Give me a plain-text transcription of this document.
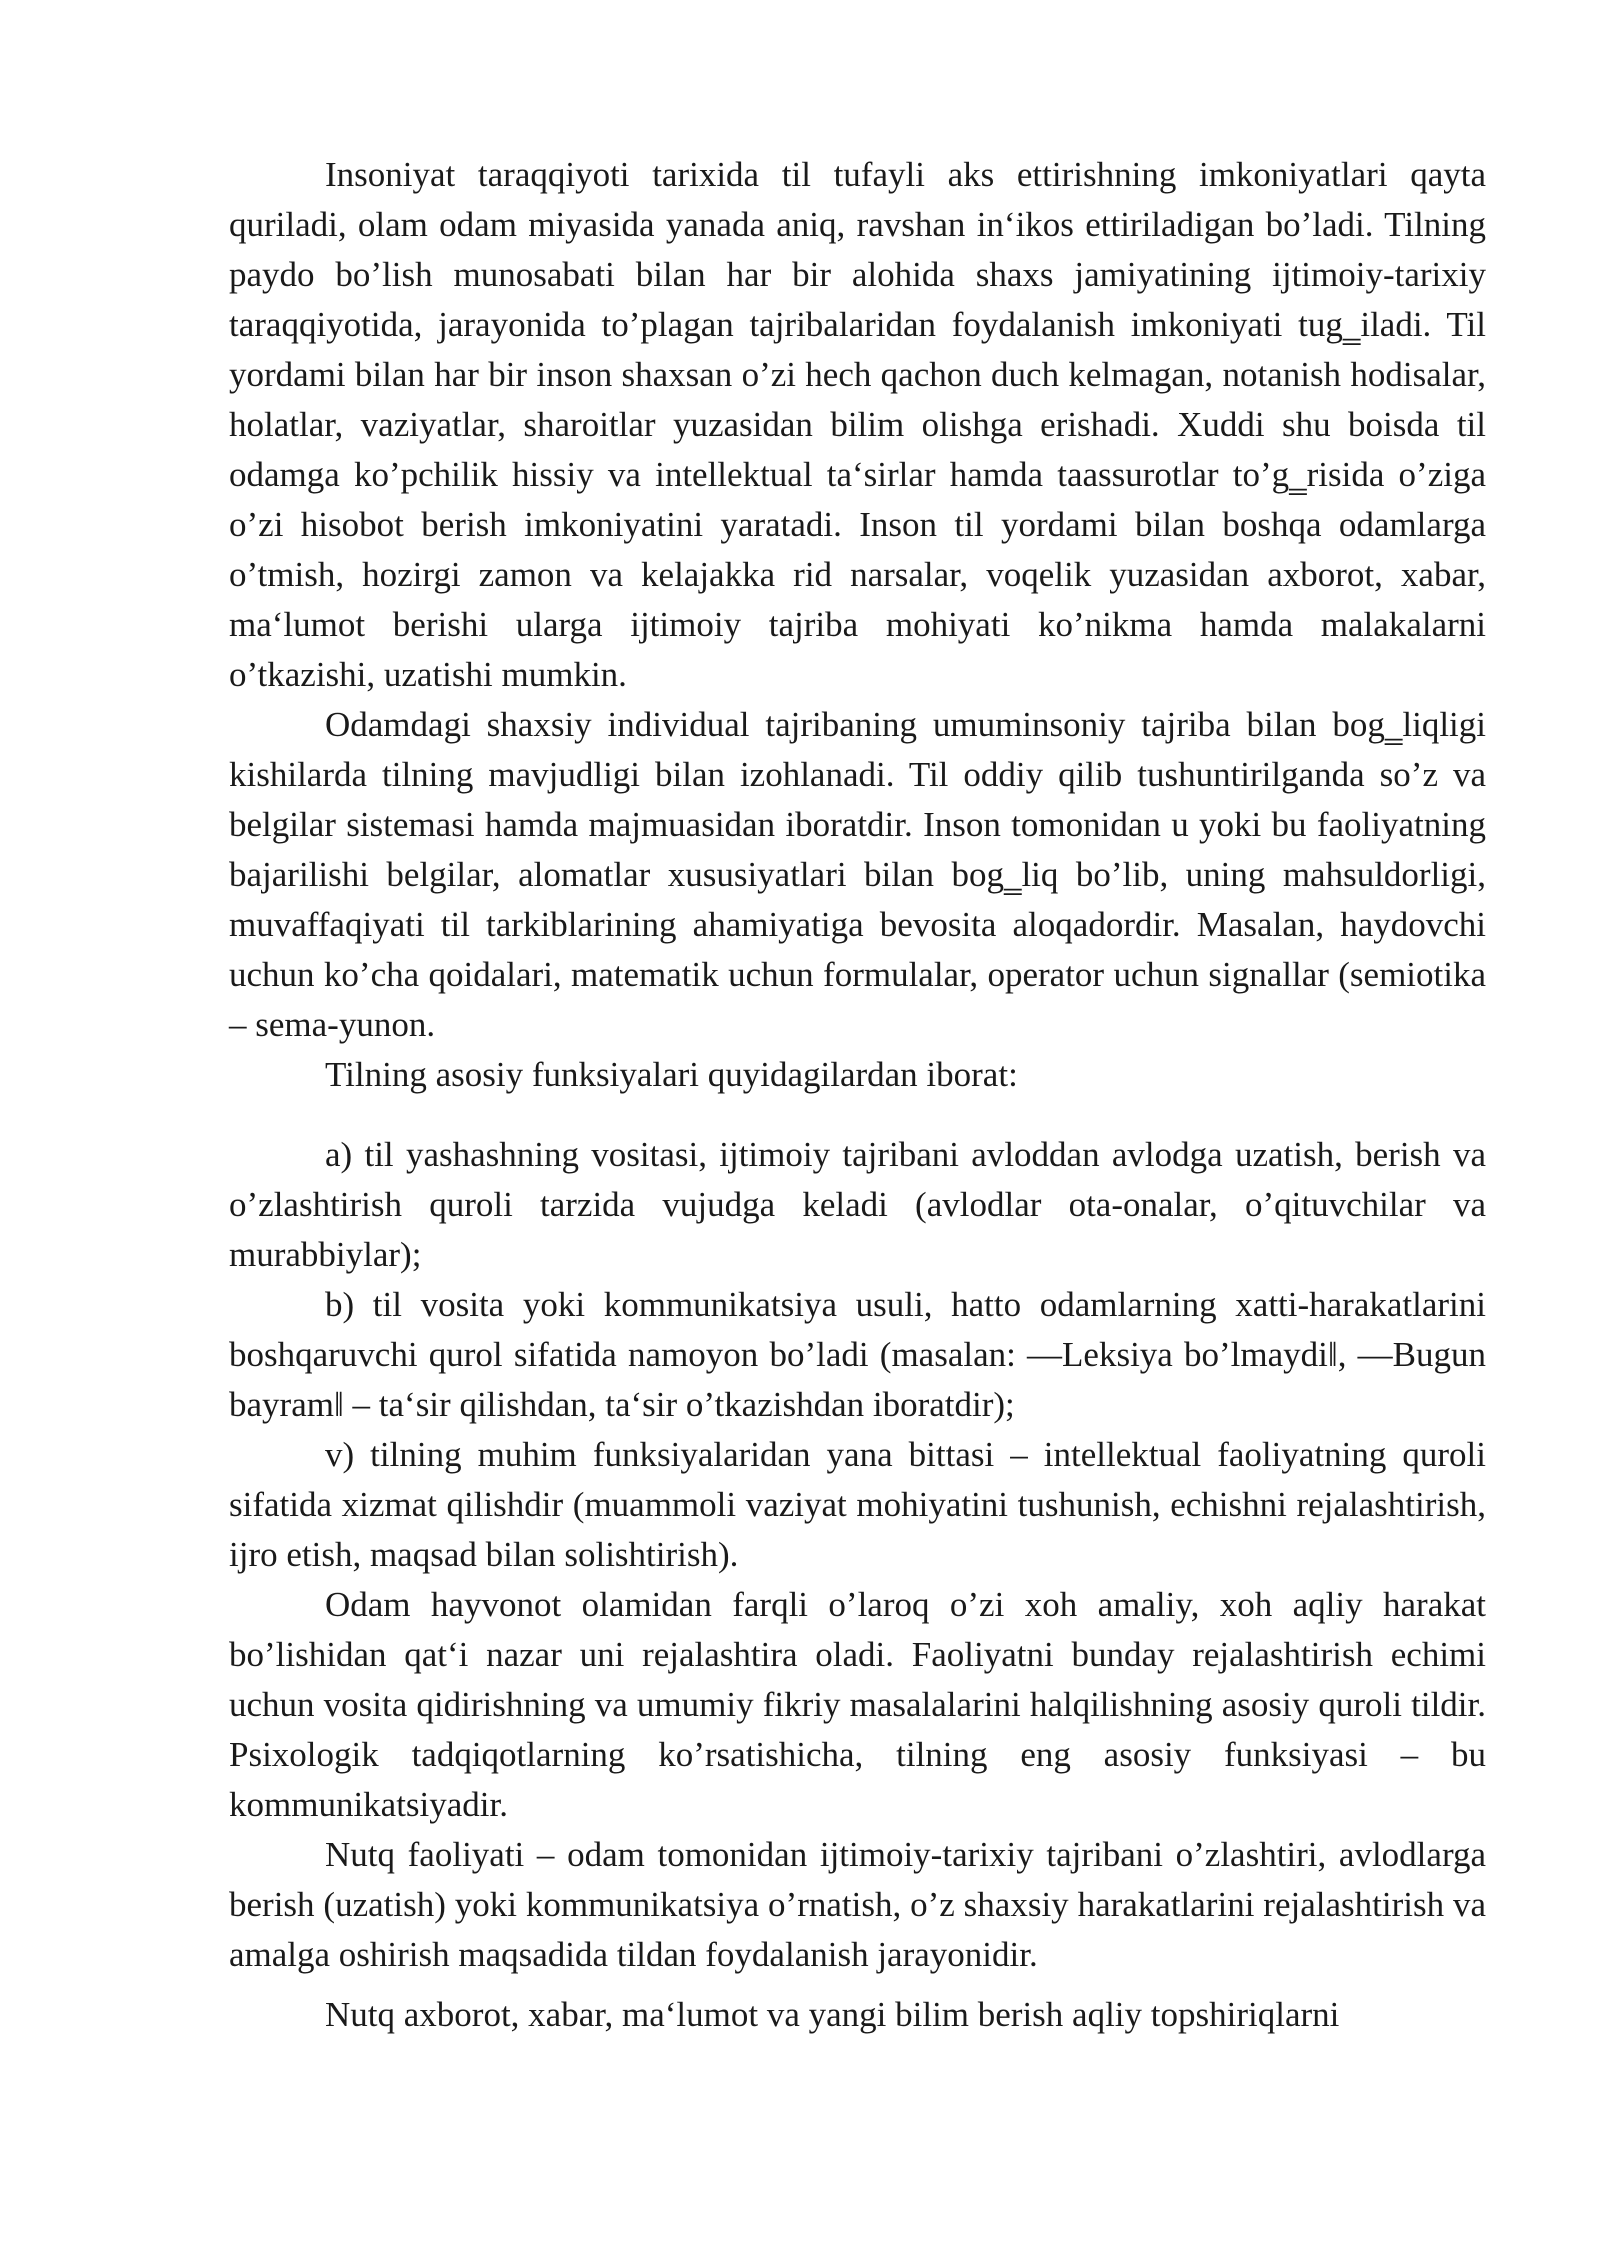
Insoniyat taraqqiyoti tarixida til tufayli aks ettirishning imkoniyatlari qayta quriladi, olam odam miyasida yanada aniq, ravshan in‘ikos ettiriladigan bo’ladi. Tilning paydo bo’lish munosabati bilan har bir alohida shaxs jamiyatining ijtimoiy-tarixiy taraqqiyotida, jarayonida to’plagan tajribalaridan foydalanish imkoniyati tug‗iladi. Til yordami bilan har bir inson shaxsan o’zi hech qachon duch kelmagan, notanish hodisalar, holatlar, vaziyatlar, sharoitlar yuzasidan bilim olishga erishadi. Xuddi shu boisda til odamga ko’pchilik hissiy va intellektual ta‘sirlar hamda taassurotlar to’g‗risida o’ziga o’zi hisobot berish imkoniyatini yaratadi. Inson til yordami bilan boshqa odamlarga o’tmish, hozirgi zamon va kelajakka rid narsalar, voqelik yuzasidan axborot, xabar, ma‘lumot berishi ularga ijtimoiy tajriba mohiyati ko’nikma hamda malakalarni o’tkazishi, uzatishi mumkin.

Odamdagi shaxsiy individual tajribaning umuminsoniy tajriba bilan bog‗liqligi kishilarda tilning mavjudligi bilan izohlanadi. Til oddiy qilib tushuntirilganda so’z va belgilar sistemasi hamda majmuasidan iboratdir. Inson tomonidan u yoki bu faoliyatning bajarilishi belgilar, alomatlar xususiyatlari bilan bog‗liq bo’lib, uning mahsuldorligi, muvaffaqiyati til tarkiblarining ahamiyatiga bevosita aloqadordir. Masalan, haydovchi uchun ko’cha qoidalari, matematik uchun formulalar, operator uchun signallar (semiotika – sema-yunon.

Tilning asosiy funksiyalari quyidagilardan iborat:

a) til yashashning vositasi, ijtimoiy tajribani avloddan avlodga uzatish, berish va o’zlashtirish quroli tarzida vujudga keladi (avlodlar ota-onalar, o’qituvchilar va murabbiylar);

b) til vosita yoki kommunikatsiya usuli, hatto odamlarning xatti-harakatlarini boshqaruvchi qurol sifatida namoyon bo’ladi (masalan: ―Leksiya bo’lmaydi‖, ―Bugun bayram‖ – ta‘sir qilishdan, ta‘sir o’tkazishdan iboratdir);

v) tilning muhim funksiyalaridan yana bittasi – intellektual faoliyatning quroli sifatida xizmat qilishdir (muammoli vaziyat mohiyatini tushunish, echishni rejalashtirish, ijro etish, maqsad bilan solishtirish).

Odam hayvonot olamidan farqli o’laroq o’zi xoh amaliy, xoh aqliy harakat bo’lishidan qat‘i nazar uni rejalashtira oladi. Faoliyatni bunday rejalashtirish echimi uchun vosita qidirishning va umumiy fikriy masalalarini halqilishning asosiy quroli tildir. Psixologik tadqiqotlarning ko’rsatishicha, tilning eng asosiy funksiyasi – bu kommunikatsiyadir.

Nutq faoliyati – odam tomonidan ijtimoiy-tarixiy tajribani o’zlashtiri, avlodlarga berish (uzatish) yoki kommunikatsiya o’rnatish, o’z shaxsiy harakatlarini rejalashtirish va amalga oshirish maqsadida tildan foydalanish jarayonidir.

Nutq axborot, xabar, ma‘lumot va yangi bilim berish aqliy topshiriqlarni
